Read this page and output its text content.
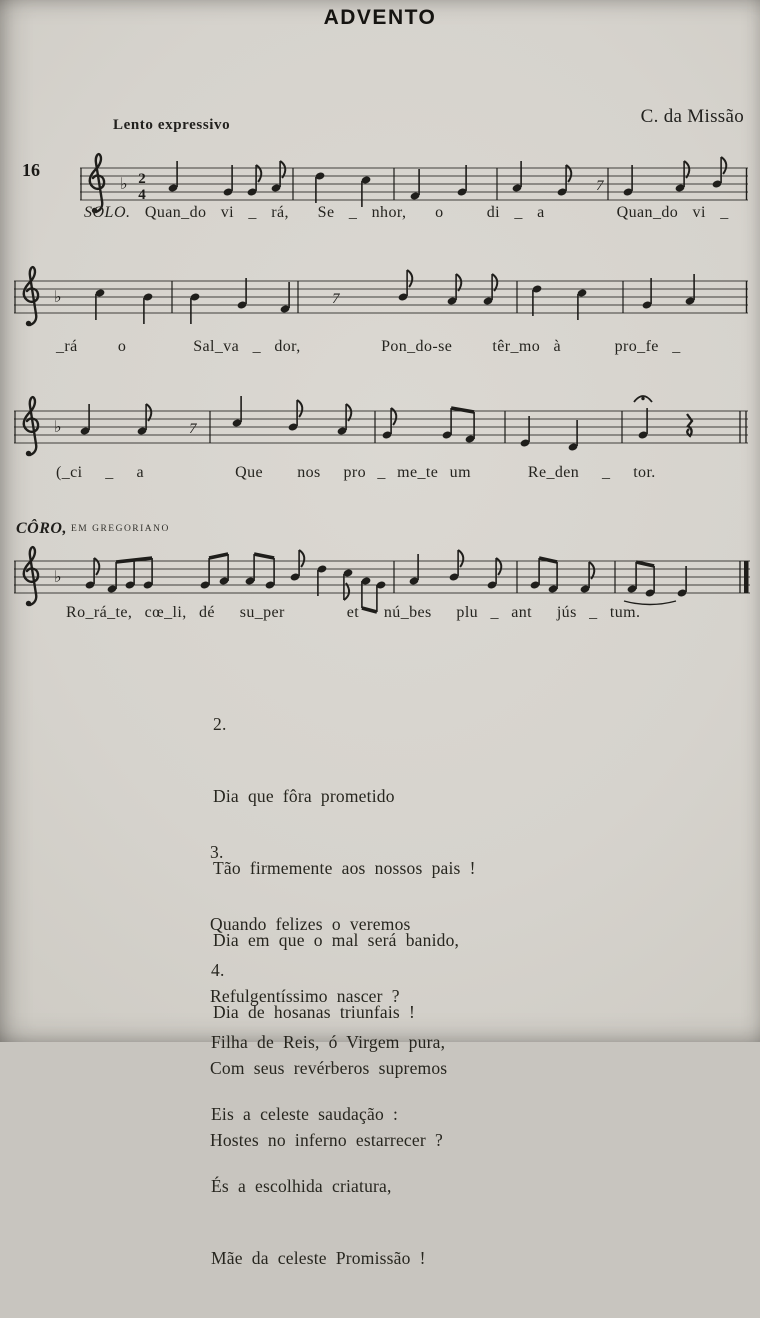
ADVENTO
Lento expressivo	C. da Missão
16
♭ 2
4
7
♭	7
♭	7
♭
SOLO. Quan_do vi _ rá,  Se _ nhor,  o   di _ a     Quan_do vi _
_rá   o     Sal_va _ dor,      Pon_do-se   têr_mo à    pro_fe _
(_ci  _  a        Que   nos  pro _ me_te um     Re_den  _  tor.
CÔRO, $^{EM GREGORIANO}$
Ro_rá_te, cœ_li, dé  su_per     et  nú_bes  plu _ ant  jús _ tum.

2.

Dia que fôra prometido

Tão firmemente aos nossos pais !

Dia em que o mal será banido,

Dia de hosanas triunfais !

3.

Quando felizes o veremos

Refulgentíssimo nascer ?

Com seus revérberos supremos

Hostes no inferno estarrecer ?

4.

Filha de Reis, ó Virgem pura,

Eis a celeste saudação :

És a escolhida criatura,

Mãe da celeste Promissão !
